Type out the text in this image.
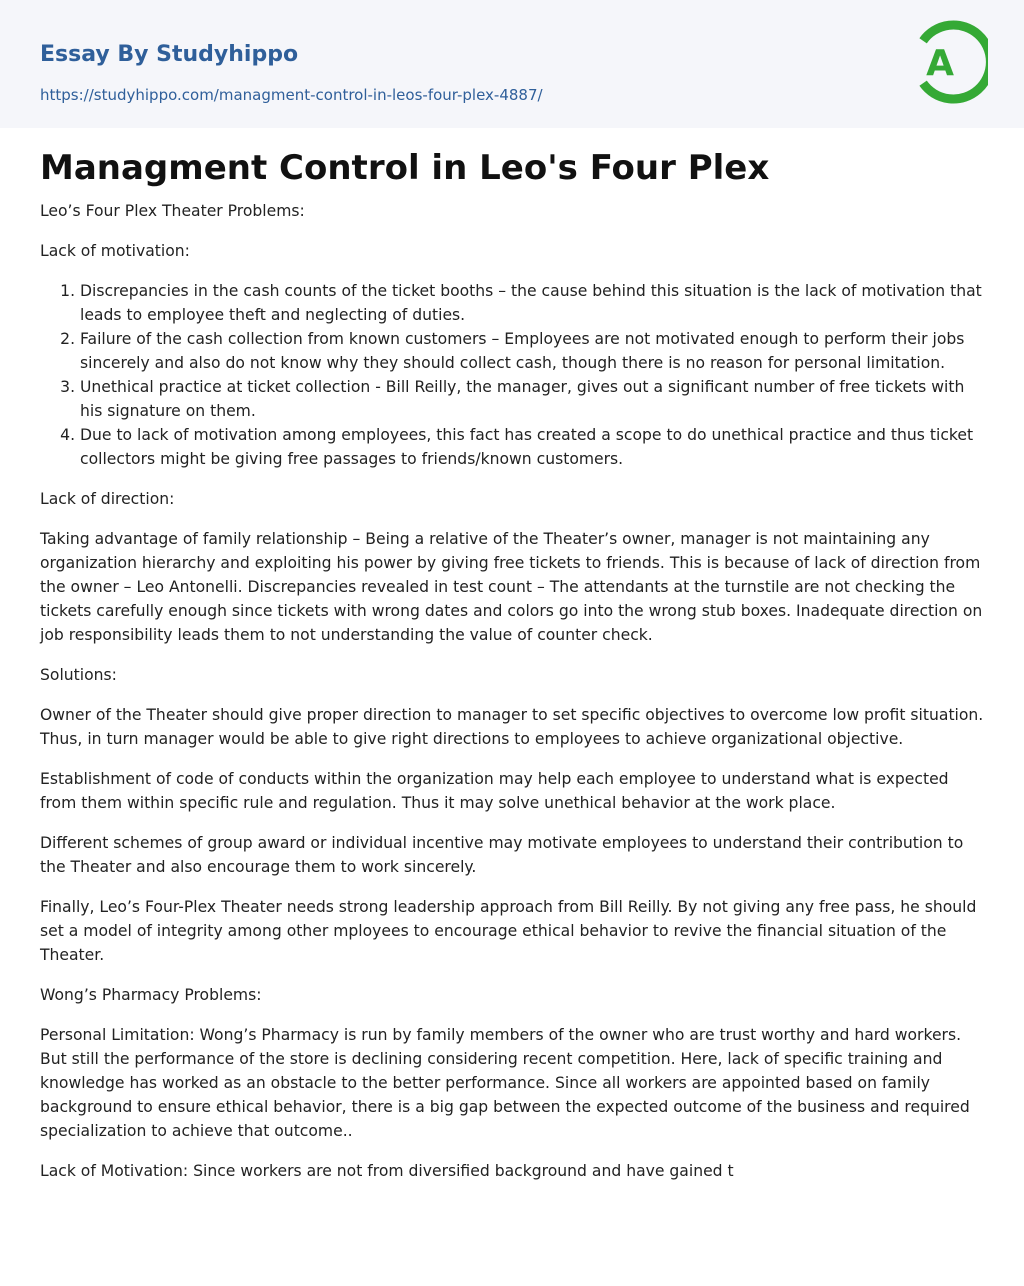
Essay By Studyhippo
https://studyhippo.com/managment-control-in-leos-four-plex-4887/
A
Managment Control in Leo's Four Plex

Leo’s Four Plex Theater Problems:

Lack of motivation:

1. Discrepancies in the cash counts of the ticket booths – the cause behind this situation is the lack of motivation that leads to employee theft and neglecting of duties.
2. Failure of the cash collection from known customers – Employees are not motivated enough to perform their jobs sincerely and also do not know why they should collect cash, though there is no reason for personal limitation.
3. Unethical practice at ticket collection - Bill Reilly, the manager, gives out a significant number of free tickets with his signature on them.
4. Due to lack of motivation among employees, this fact has created a scope to do unethical practice and thus ticket collectors might be giving free passages to friends/known customers.

Lack of direction:

Taking advantage of family relationship – Being a relative of the Theater’s owner, manager is not maintaining any organization hierarchy and exploiting his power by giving free tickets to friends. This is because of lack of direction from the owner – Leo Antonelli. Discrepancies revealed in test count – The attendants at the turnstile are not checking the tickets carefully enough since tickets with wrong dates and colors go into the wrong stub boxes. Inadequate direction on job responsibility leads them to not understanding the value of counter check.

Solutions:

Owner of the Theater should give proper direction to manager to set specific objectives to overcome low profit situation. Thus, in turn manager would be able to give right directions to employees to achieve organizational objective.

Establishment of code of conducts within the organization may help each employee to understand what is expected from them within specific rule and regulation. Thus it may solve unethical behavior at the work place.

Different schemes of group award or individual incentive may motivate employees to understand their contribution to the Theater and also encourage them to work sincerely.

Finally, Leo’s Four-Plex Theater needs strong leadership approach from Bill Reilly. By not giving any free pass, he should set a model of integrity among other mployees to encourage ethical behavior to revive the financial situation of the Theater.

Wong’s Pharmacy Problems:

Personal Limitation: Wong’s Pharmacy is run by family members of the owner who are trust worthy and hard workers. But still the performance of the store is declining considering recent competition. Here, lack of specific training and knowledge has worked as an obstacle to the better performance. Since all workers are appointed based on family background to ensure ethical behavior, there is a big gap between the expected outcome of the business and required specialization to achieve that outcome..

Lack of Motivation: Since workers are not from diversified background and have gained t
